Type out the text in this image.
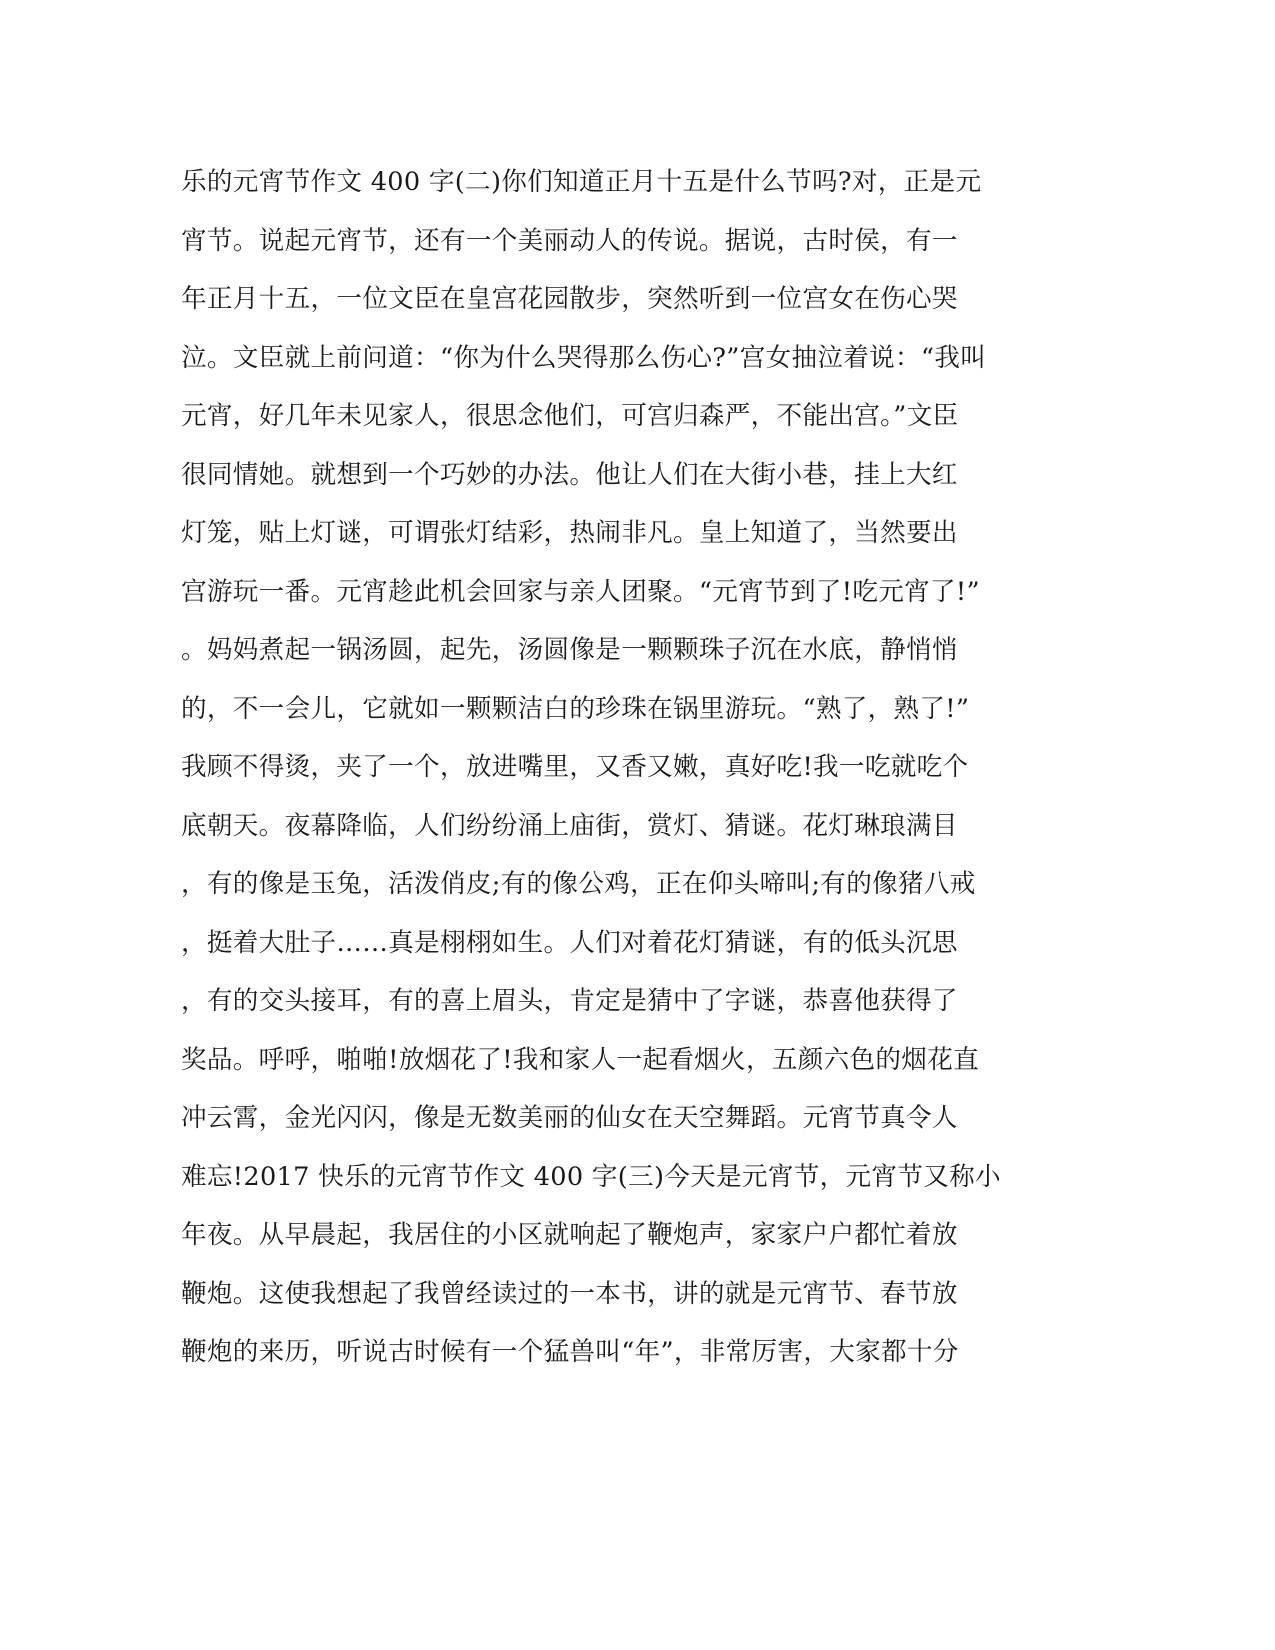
乐的元宵节作文 400 字(二)你们知道正月十五是什么节吗?对，正是元
宵节。说起元宵节，还有一个美丽动人的传说。据说，古时侯，有一
年正月十五，一位文臣在皇宫花园散步，突然听到一位宫女在伤心哭
泣。文臣就上前问道：“你为什么哭得那么伤心?”宫女抽泣着说：“我叫
元宵，好几年未见家人，很思念他们，可宫归森严，不能出宫。”文臣
很同情她。就想到一个巧妙的办法。他让人们在大街小巷，挂上大红
灯笼，贴上灯谜，可谓张灯结彩，热闹非凡。皇上知道了，当然要出
宫游玩一番。元宵趁此机会回家与亲人团聚。“元宵节到了!吃元宵了!”
。妈妈煮起一锅汤圆，起先，汤圆像是一颗颗珠子沉在水底，静悄悄
的，不一会儿，它就如一颗颗洁白的珍珠在锅里游玩。“熟了，熟了!”
我顾不得烫，夹了一个，放进嘴里，又香又嫩，真好吃!我一吃就吃个
底朝天。夜幕降临，人们纷纷涌上庙街，赏灯、猜谜。花灯琳琅满目
，有的像是玉兔，活泼俏皮;有的像公鸡，正在仰头啼叫;有的像猪八戒
，挺着大肚子……真是栩栩如生。人们对着花灯猜谜，有的低头沉思
，有的交头接耳，有的喜上眉头，肯定是猜中了字谜，恭喜他获得了
奖品。呼呼，啪啪!放烟花了!我和家人一起看烟火，五颜六色的烟花直
冲云霄，金光闪闪，像是无数美丽的仙女在天空舞蹈。元宵节真令人
难忘!2017 快乐的元宵节作文 400 字(三)今天是元宵节，元宵节又称小
年夜。从早晨起，我居住的小区就响起了鞭炮声，家家户户都忙着放
鞭炮。这使我想起了我曾经读过的一本书，讲的就是元宵节、春节放
鞭炮的来历，听说古时候有一个猛兽叫“年”，非常厉害，大家都十分
